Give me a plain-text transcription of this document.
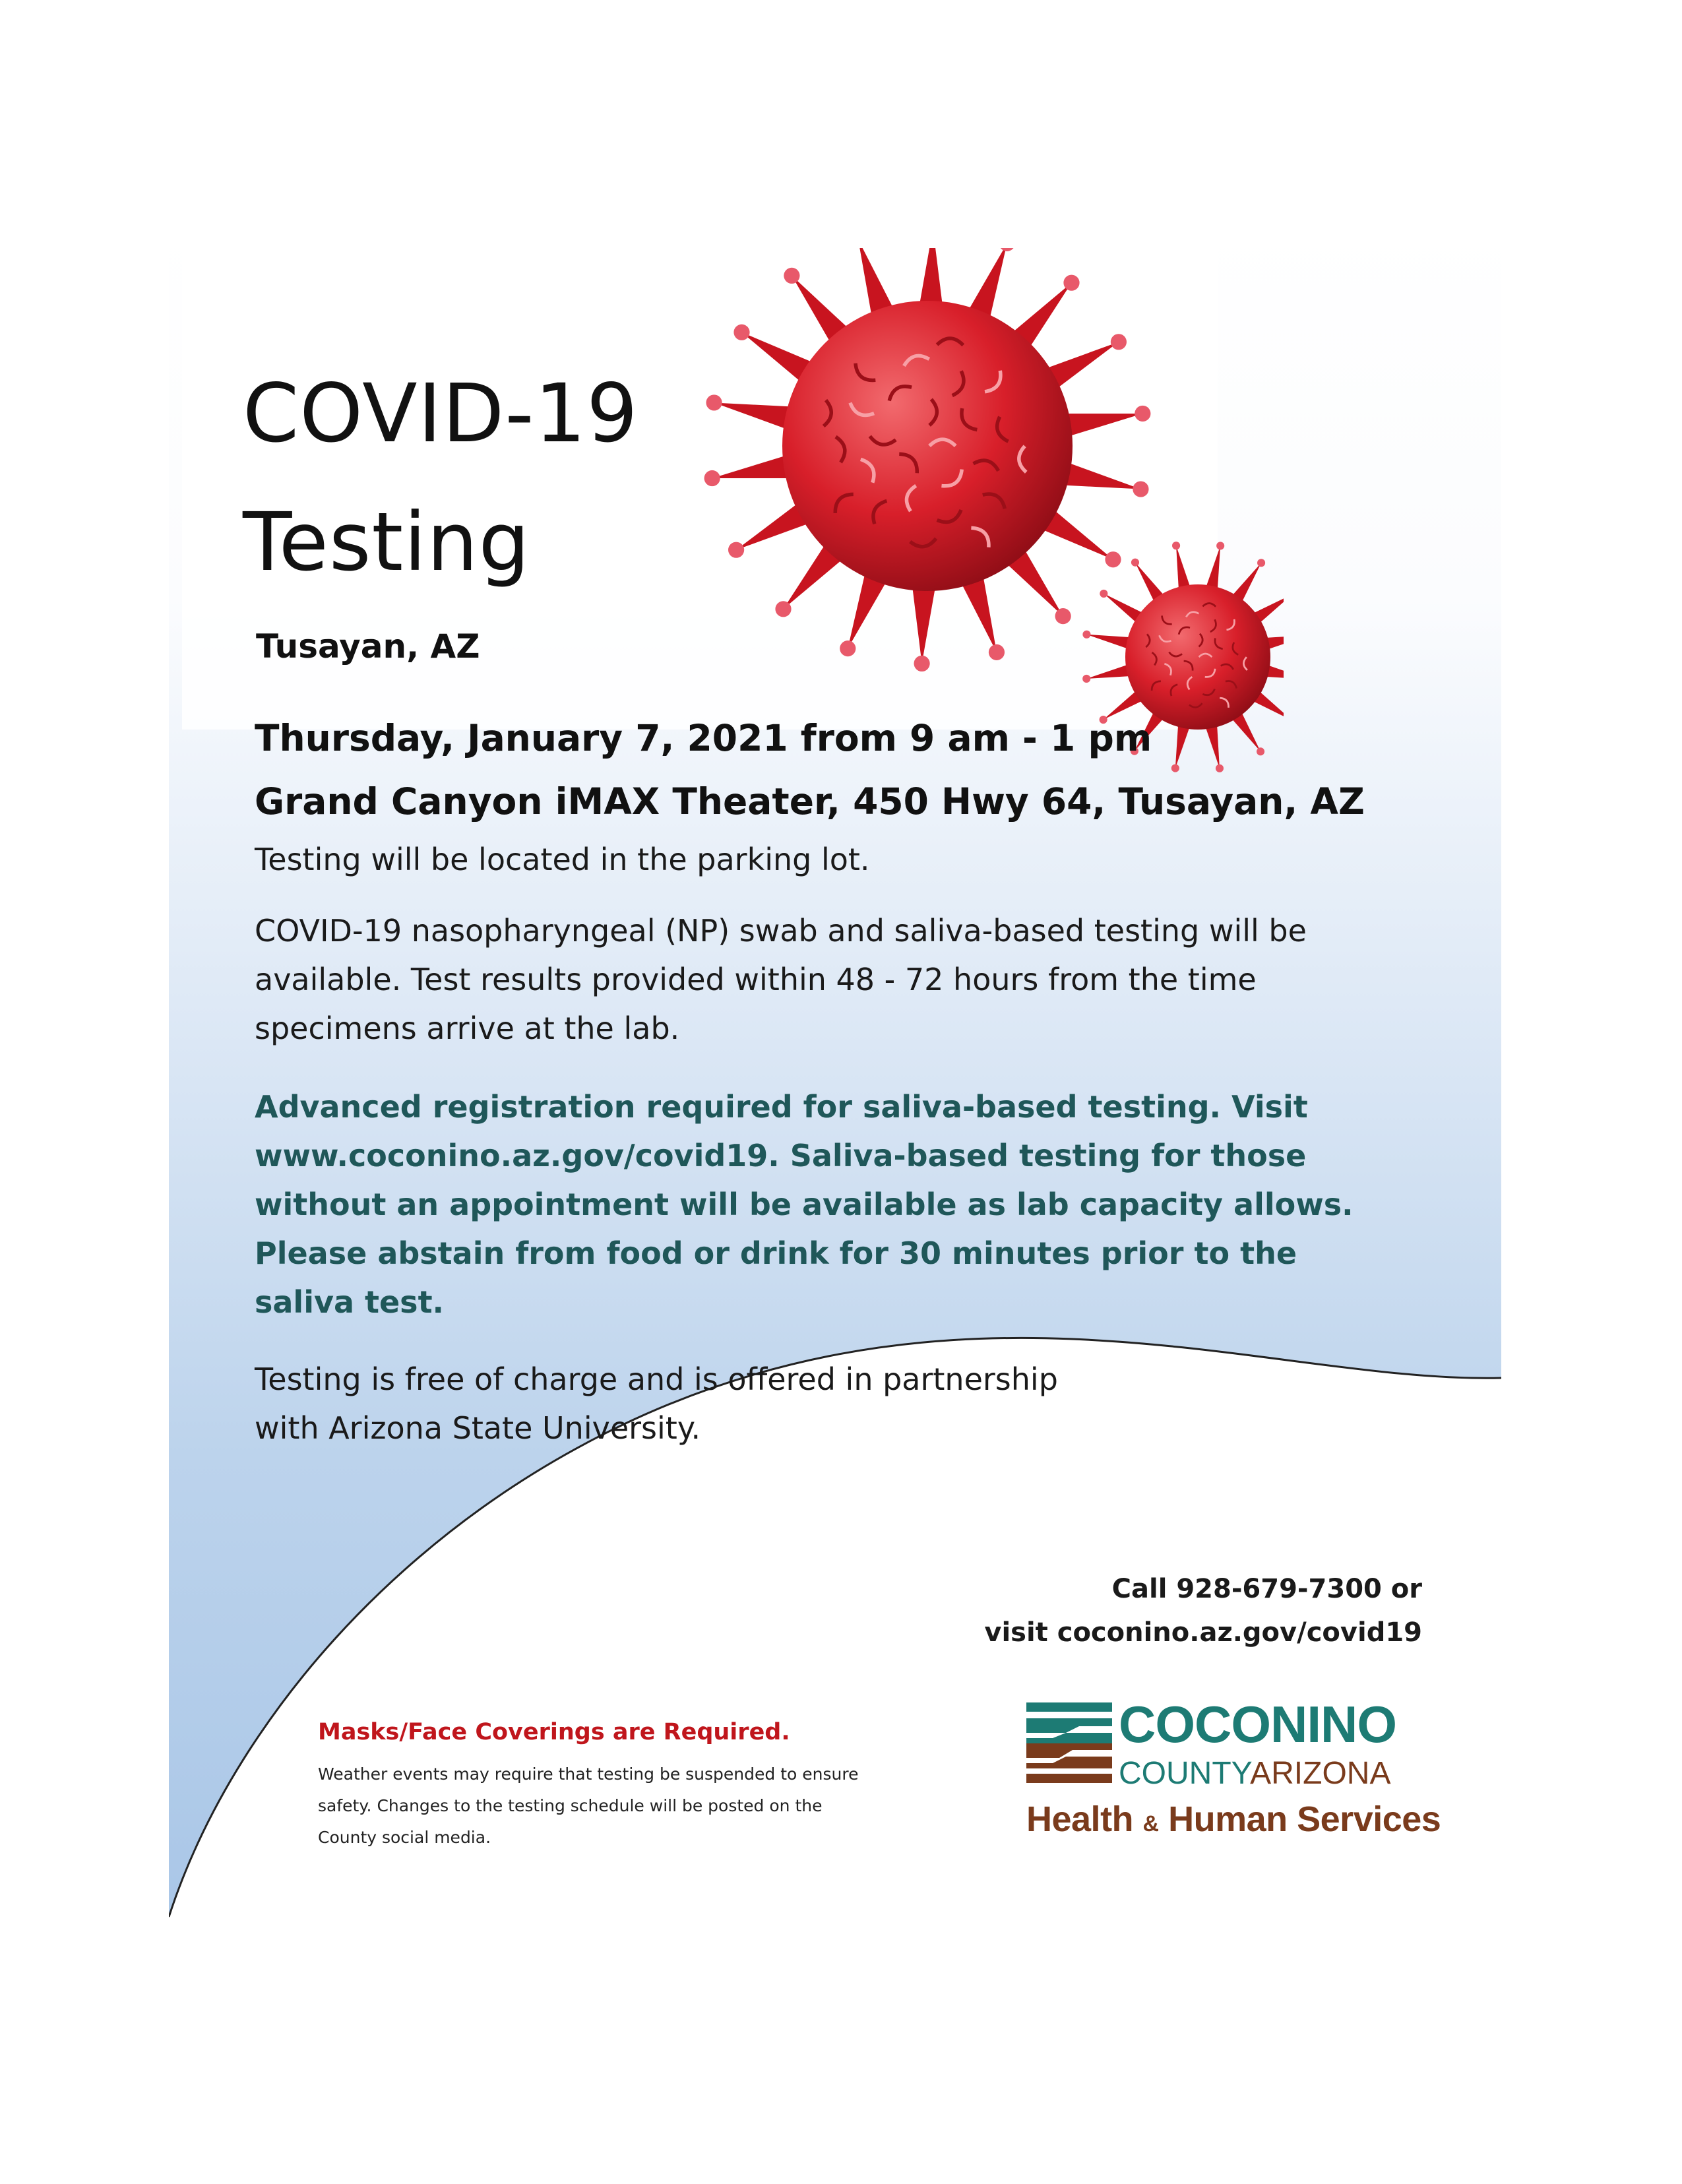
COVID-19
Testing
Tusayan, AZ
Thursday, January 7, 2021 from 9 am - 1 pm
Grand Canyon iMAX Theater, 450 Hwy 64, Tusayan, AZ
Testing will be located in the parking lot.
COVID-19 nasopharyngeal (NP) swab and saliva-based testing will be
available. Test results provided within 48 - 72 hours from the time
specimens arrive at the lab.
Advanced registration required for saliva-based testing. Visit
www.coconino.az.gov/covid19. Saliva-based testing for those
without an appointment will be available as lab capacity allows.
Please abstain from food or drink for 30 minutes prior to the
saliva test.
Testing is free of charge and is offered in partnership
with Arizona State University.
Call 928-679-7300 or
visit coconino.az.gov/covid19
Masks/Face Coverings are Required.
Weather events may require that testing be suspended to ensure
safety. Changes to the testing schedule will be posted on the
County social media.
COCONINO
COUNTYARIZONA
Health & Human Services
